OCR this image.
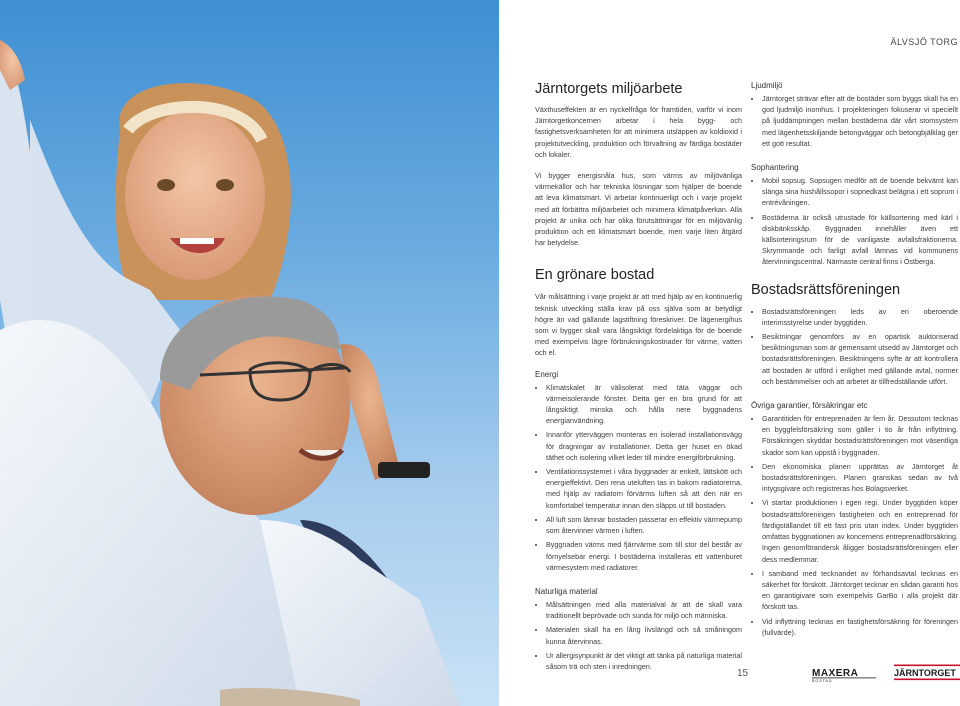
ÄLVSJÖ TORG
Järntorgets miljöarbete

Växthuseffekten är en nyckelfråga för framtiden, varför vi inom Järntorgetkoncernen arbetar i hela bygg- och fastighetsverksamheten för att minimera utsläppen av koldioxid i projektutveckling, produktion och förvaltning av färdiga bostäder och lokaler.

Vi bygger energisnåla hus, som värms av miljövänliga värmekällor och har tekniska lösningar som hjälper de boende att leva klimatsmart. Vi arbetar kontinuerligt och i varje projekt med att förbättra miljöarbetet och minimera klimatpåverkan. Alla projekt är unika och har olika förutsättningar för en miljövänlig produktion och ett klimatsmart boende, men varje liten åtgärd har betydelse.

En grönare bostad

Vår målsättning i varje projekt är att med hjälp av en kontinuerlig teknisk utveckling ställa krav på oss själva som är betydligt högre än vad gällande lagstiftning föreskriver. De lägenergihus som vi bygger skall vara långsiktigt fördelaktiga för de boende med exempelvis lägre förbrukningskostnader för värme, vatten och el.

Energi
• Klimatskalet är välisolerat med täta väggar och värmeisolerande fönster. Detta ger en bra grund för att långsiktigt minska och hålla nere byggnadens energianvändning.
• Innanför ytterväggen monteras en isolerad installationsvägg för dragningar av installationer. Detta ger huset en ökad täthet och isolering vilket leder till mindre energiförbrukning.
• Ventilationssystemet i våra byggnader är enkelt, lättskött och energieffektivt. Den rena uteluften tas in bakom radiatorerna, med hjälp av radiatorn förvärms luften så att den när en komfortabel temperatur innan den släpps ut till bostaden.
• All luft som lämnar bostaden passerar en effektiv värmepump som återvinner värmen i luften.
• Byggnaden värms med fjärrvärme som till stor del består av förnyelsebar energi. I bostäderna installeras ett vattenburet värmesystem med radiatorer.
Naturliga material
• Målsättningen med alla materialval är att de skall vara traditionellt beprövade och sunda för miljö och människa.
• Materialen skall ha en lång livslängd och så småningom kunna återvinnas.
• Ur allergisynpunkt är det viktigt att tänka på naturliga material såsom trä och sten i inredningen.
Ljudmiljö
• Järntorget strävar efter att de bostäder som byggs skall ha en god ljudmiljö inomhus. I projekteringen fokuserar vi speciellt på ljuddämpningen mellan bostäderna där vårt stomsystem med lägenhetsskiljande betongväggar och betongbjälklag ger ett gott resultat.
Sophantering
• Mobil sopsug. Sopsugen medför att de boende bekvämt kan slänga sina hushållssopor i sopnedkast belägna i ett soprum i entrévåningen.
• Bostäderna är också utrustade för källsortering med kärl i diskbänksskåp. Byggnaden innehåller även ett källsorteringsrum för de vanligaste avfallsfraktionerna. Skrymmande och farligt avfall lämnas vid kommunens återvinningscentral. Närmaste central finns i Östberga.
Bostadsrättsföreningen
• Bostadsrättsföreningen leds av en oberoende interimsstyrelse under byggtiden.
• Besiktningar genomförs av en opartisk auktoriserad besiktningsman som är gemensamt utsedd av Järntorget och bostadsrättsföreningen. Besiktningens syfte är att kontrollera att bostaden är utförd i enlighet med gällande avtal, normer och bestämmelser och att arbetet är tillfredställande utfört.
Övriga garantier, försäkringar etc
• Garantitiden för entreprenaden är fem år. Dessutom tecknas en byggfelsförsäkring som gäller i tio år från inflyttning. Försäkringen skyddar bostadsrättsföreningen mot väsentliga skador som kan uppstå i byggnaden.
• Den ekonomiska planen upprättas av Järntorget åt bostadsrättsföreningen. Planen granskas sedan av två intygsgivare och registreras hos Bolagsverket.
• Vi startar produktionen i egen regi. Under byggtiden köper bostadsrättsföreningen fastigheten och en entreprenad för färdigställandet till ett fast pris utan index. Under byggtiden omfattas byggnationen av koncernens entreprenadförsäkring. Ingen genomförandersk åligger bostadsrättsföreningen eller dess medlemmar.
• I samband med tecknandet av förhandsavtal tecknas en säkerhet för förskott. Järntorget tecknar en sådan garanti hos en garantigivare som exempelvis GarBo i alla projekt där förskott tas.
• Vid inflyttning tecknas en fastighetsförsäkring för föreningen (fullvärde).
15	MAXERA
BOSTAD
JÄRNTORGET
